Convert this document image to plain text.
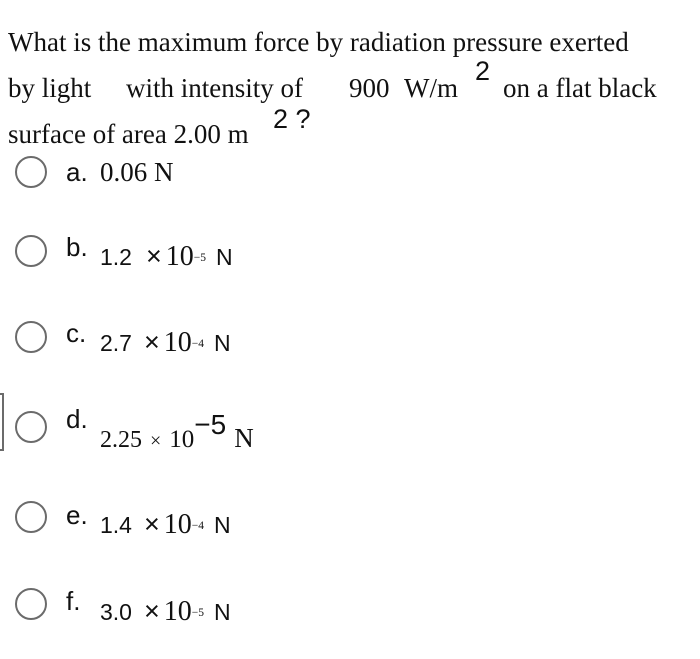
What is the maximum force by radiation pressure exerted
by light with intensity of 900 W/m
2
on a flat black
surface of area 2.00 m 2 ?
a. 0.06 N
b. $1.2 \times 10^{-5}$ N
c. $2.7 \times 10^{-4}$ N
d.
2.25 × 10−5 N
e. $1.4 \times 10^{-4}$ N
f. $3.0 \times 10^{-5}$ N
